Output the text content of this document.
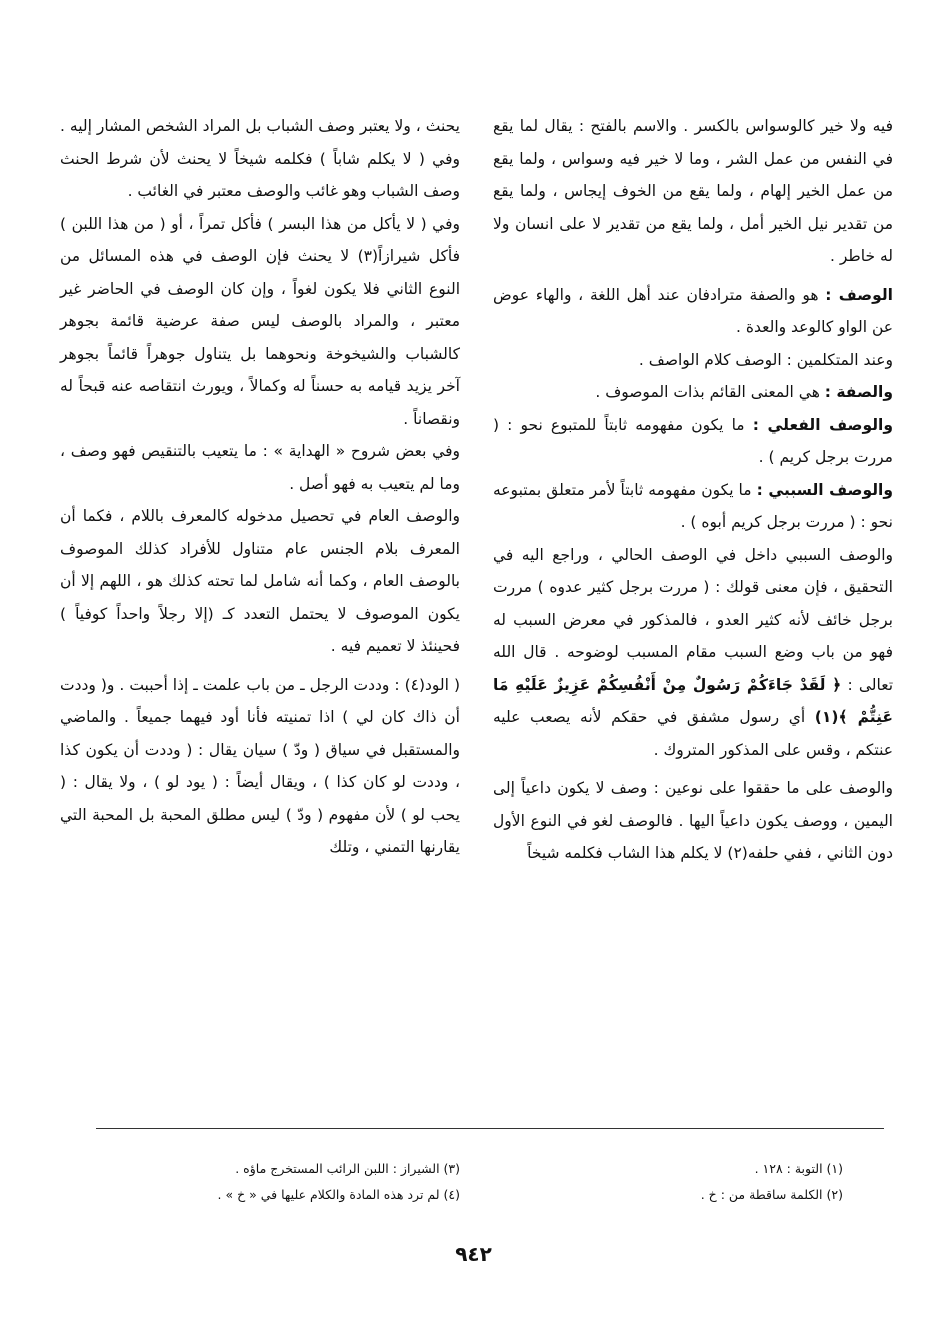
فيه ولا خير كالوسواس بالكسر . والاسم بالفتح : يقال لما يقع في النفس من عمل الشر ، وما لا خير فيه وسواس ، ولما يقع من عمل الخير إلهام ، ولما يقع من الخوف إيجاس ، ولما يقع من تقدير نيل الخير أمل ، ولما يقع من تقدير لا على انسان ولا له خاطر .

الوصف : هو والصفة مترادفان عند أهل اللغة ، والهاء عوض عن الواو كالوعد والعدة .

وعند المتكلمين : الوصف كلام الواصف .

والصفة : هي المعنى القائم بذات الموصوف .

والوصف الفعلي : ما يكون مفهومه ثابتاً للمتبوع نحو : ( مررت برجل كريم ) .

والوصف السببي : ما يكون مفهومه ثابتاً لأمر متعلق بمتبوعه نحو : ( مررت برجل كريم أبوه ) .

والوصف السببي داخل في الوصف الحالي ، وراجع اليه في التحقيق ، فإن معنى قولك : ( مررت برجل كثير عدوه ) مررت برجل خائف لأنه كثير العدو ، فالمذكور في معرض السبب له فهو من باب وضع السبب مقام المسبب لوضوحه . قال الله تعالى : ﴿ لَقَدْ جَاءَكُمْ رَسُولٌ مِنْ أَنْفُسِكُمْ عَزِيزٌ عَلَيْهِ مَا عَنِتُّمْ ﴾(١) أي رسول مشفق في حقكم لأنه يصعب عليه عنتكم ، وقس على المذكور المتروك .

والوصف على ما حققوا على نوعين : وصف لا يكون داعياً إلى اليمين ، ووصف يكون داعياً اليها . فالوصف لغو في النوع الأول دون الثاني ، ففي حلفه(٢) لا يكلم هذا الشاب فكلمه شيخاً

يحنث ، ولا يعتبر وصف الشباب بل المراد الشخص المشار إليه . وفي ( لا يكلم شاباً ) فكلمه شيخاً لا يحنث لأن شرط الحنث وصف الشباب وهو غائب والوصف معتبر في الغائب .

وفي ( لا يأكل من هذا البسر ) فأكل تمراً ، أو ( من هذا اللبن ) فأكل شيرازاً(٣) لا يحنث فإن الوصف في هذه المسائل من النوع الثاني فلا يكون لغواً ، وإن كان الوصف في الحاضر غير معتبر ، والمراد بالوصف ليس صفة عرضية قائمة بجوهر كالشباب والشيخوخة ونحوهما بل يتناول جوهراً قائماً بجوهر آخر يزيد قيامه به حسناً له وكمالاً ، ويورث انتقاصه عنه قبحاً له ونقصاناً .

وفي بعض شروح « الهداية » : ما يتعيب بالتنقيص فهو وصف ، وما لم يتعيب به فهو أصل .

والوصف العام في تحصيل مدخوله كالمعرف باللام ، فكما أن المعرف بلام الجنس عام متناول للأفراد كذلك الموصوف بالوصف العام ، وكما أنه شامل لما تحته كذلك هو ، اللهم إلا أن يكون الموصوف لا يحتمل التعدد كـ (إلا رجلاً واحداً كوفياً ) فحينئذ لا تعميم فيه .

( الود(٤) : وددت الرجل ـ من باب علمت ـ إذا أحببت . و( وددت أن ذاك كان لي ) اذا تمنيته فأنا أود فيهما جميعاً . والماضي والمستقبل في سياق ( ودّ ) سيان يقال : ( وددت أن يكون كذا ، وددت لو كان كذا ) ، ويقال أيضاً : ( يود لو ) ، ولا يقال : ( يحب لو ) لأن مفهوم ( ودّ ) ليس مطلق المحبة بل المحبة التي يقارنها التمني ، وتلك

(١) التوبة : ١٢٨ .
(٢) الكلمة ساقطة من : خ .
(٣) الشيراز : اللبن الرائب المستخرج ماؤه .
(٤) لم ترد هذه المادة والكلام عليها في « خ » .
٩٤٢
